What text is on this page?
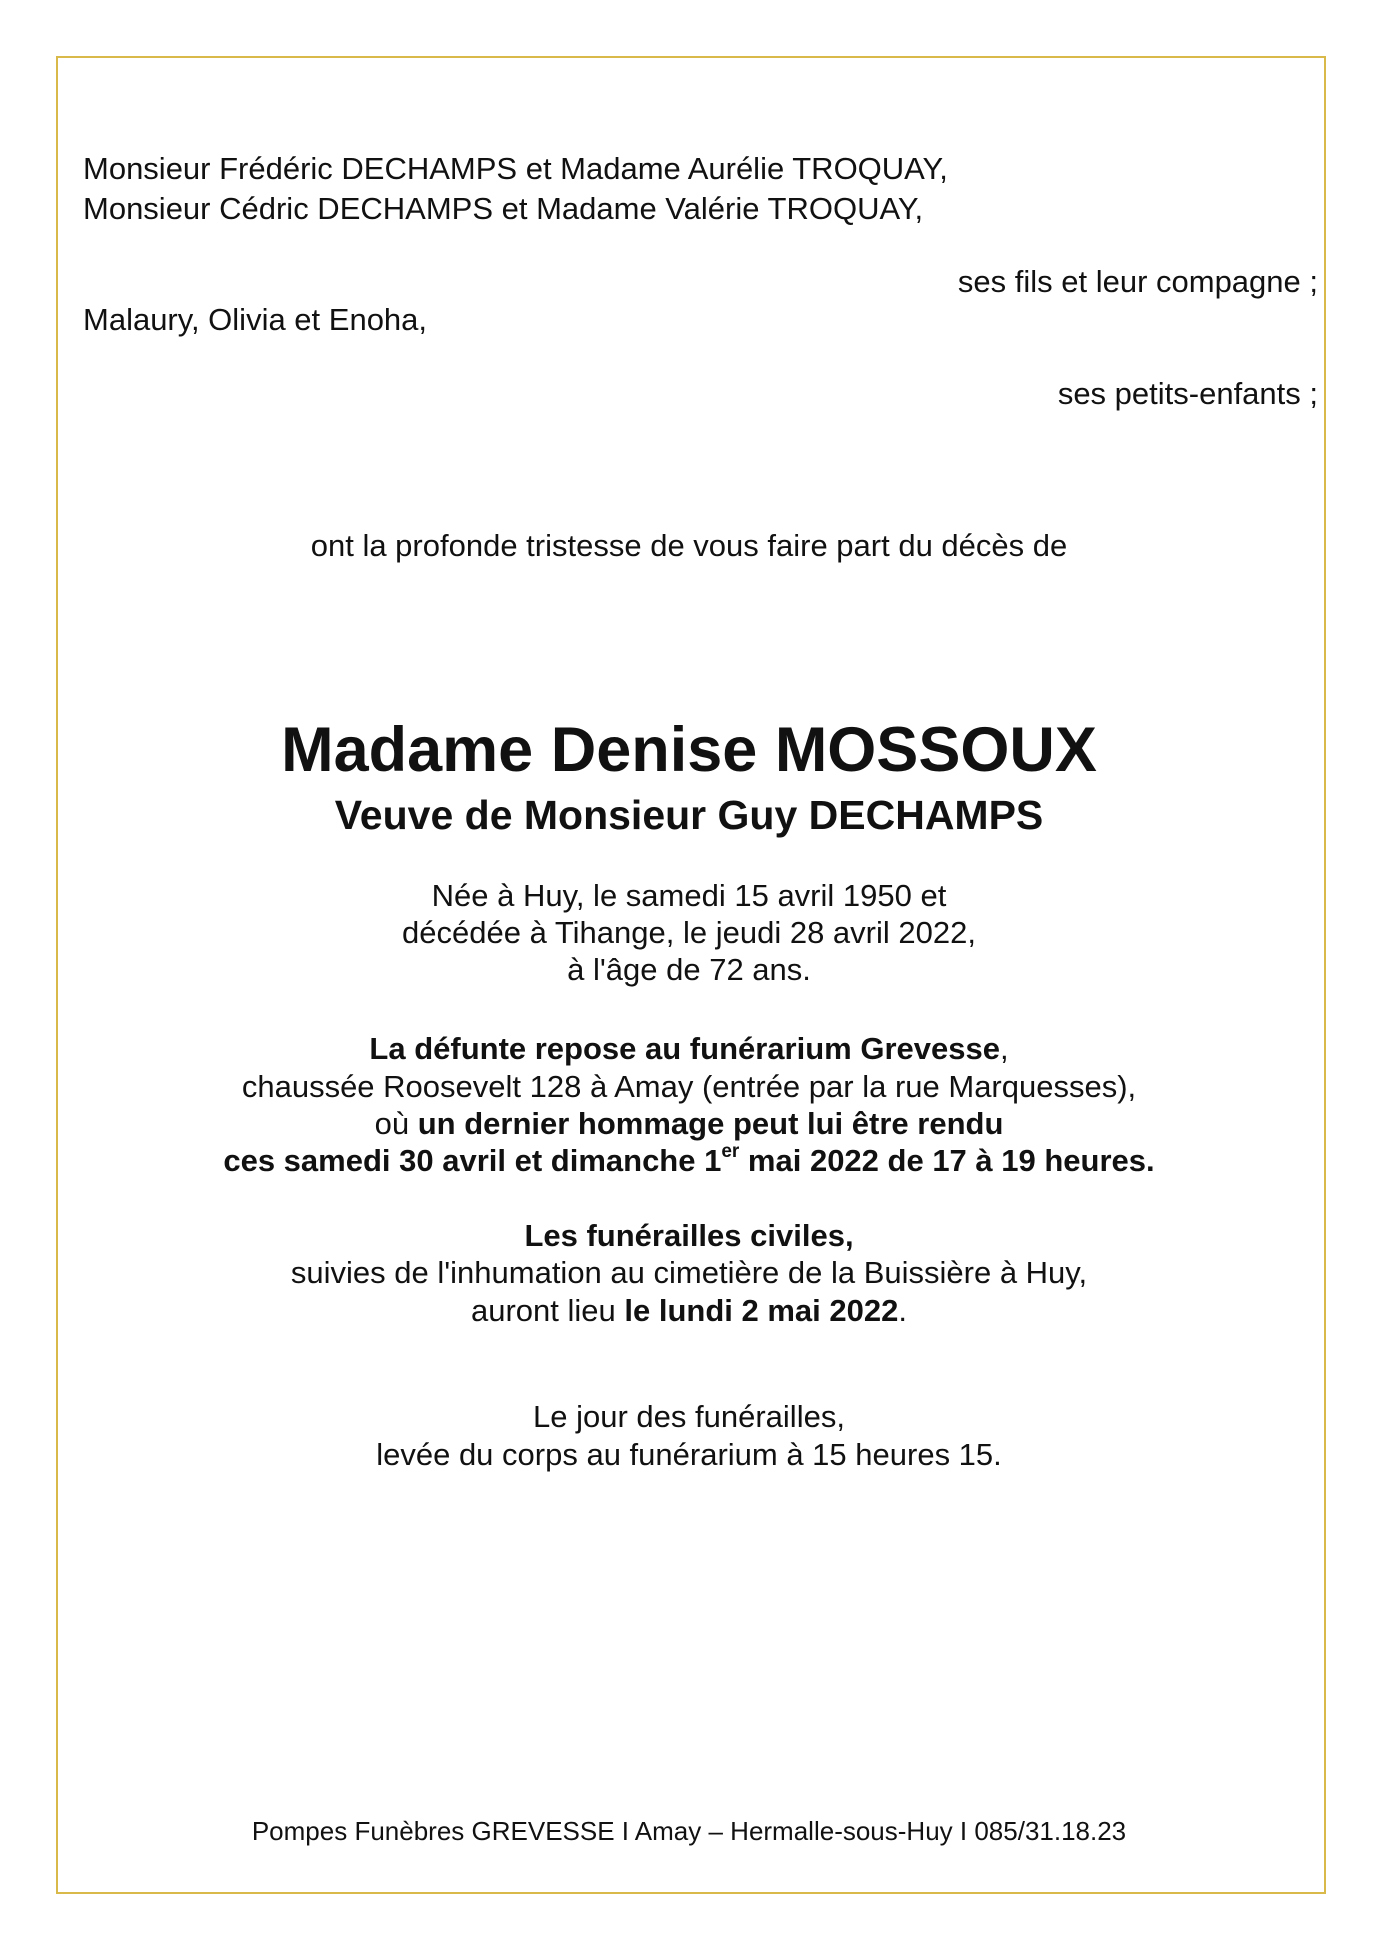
Monsieur Frédéric DECHAMPS et Madame Aurélie TROQUAY,
Monsieur Cédric DECHAMPS et Madame Valérie TROQUAY,
ses fils et leur compagne ;
Malaury, Olivia et Enoha,
ses petits-enfants ;
ont la profonde tristesse de vous faire part du décès de
Madame Denise MOSSOUX
Veuve de Monsieur Guy DECHAMPS
Née à Huy, le samedi 15 avril 1950 et
décédée à Tihange, le jeudi 28 avril 2022,
à l'âge de 72 ans.
La défunte repose au funérarium Grevesse,
chaussée Roosevelt 128 à Amay (entrée par la rue Marquesses),
où un dernier hommage peut lui être rendu
ces samedi 30 avril et dimanche 1er mai 2022 de 17 à 19 heures.
Les funérailles civiles,
suivies de l'inhumation au cimetière de la Buissière à Huy,
auront lieu le lundi 2 mai 2022.
Le jour des funérailles,
levée du corps au funérarium à 15 heures 15.
Pompes Funèbres GREVESSE I Amay – Hermalle-sous-Huy I 085/31.18.23
